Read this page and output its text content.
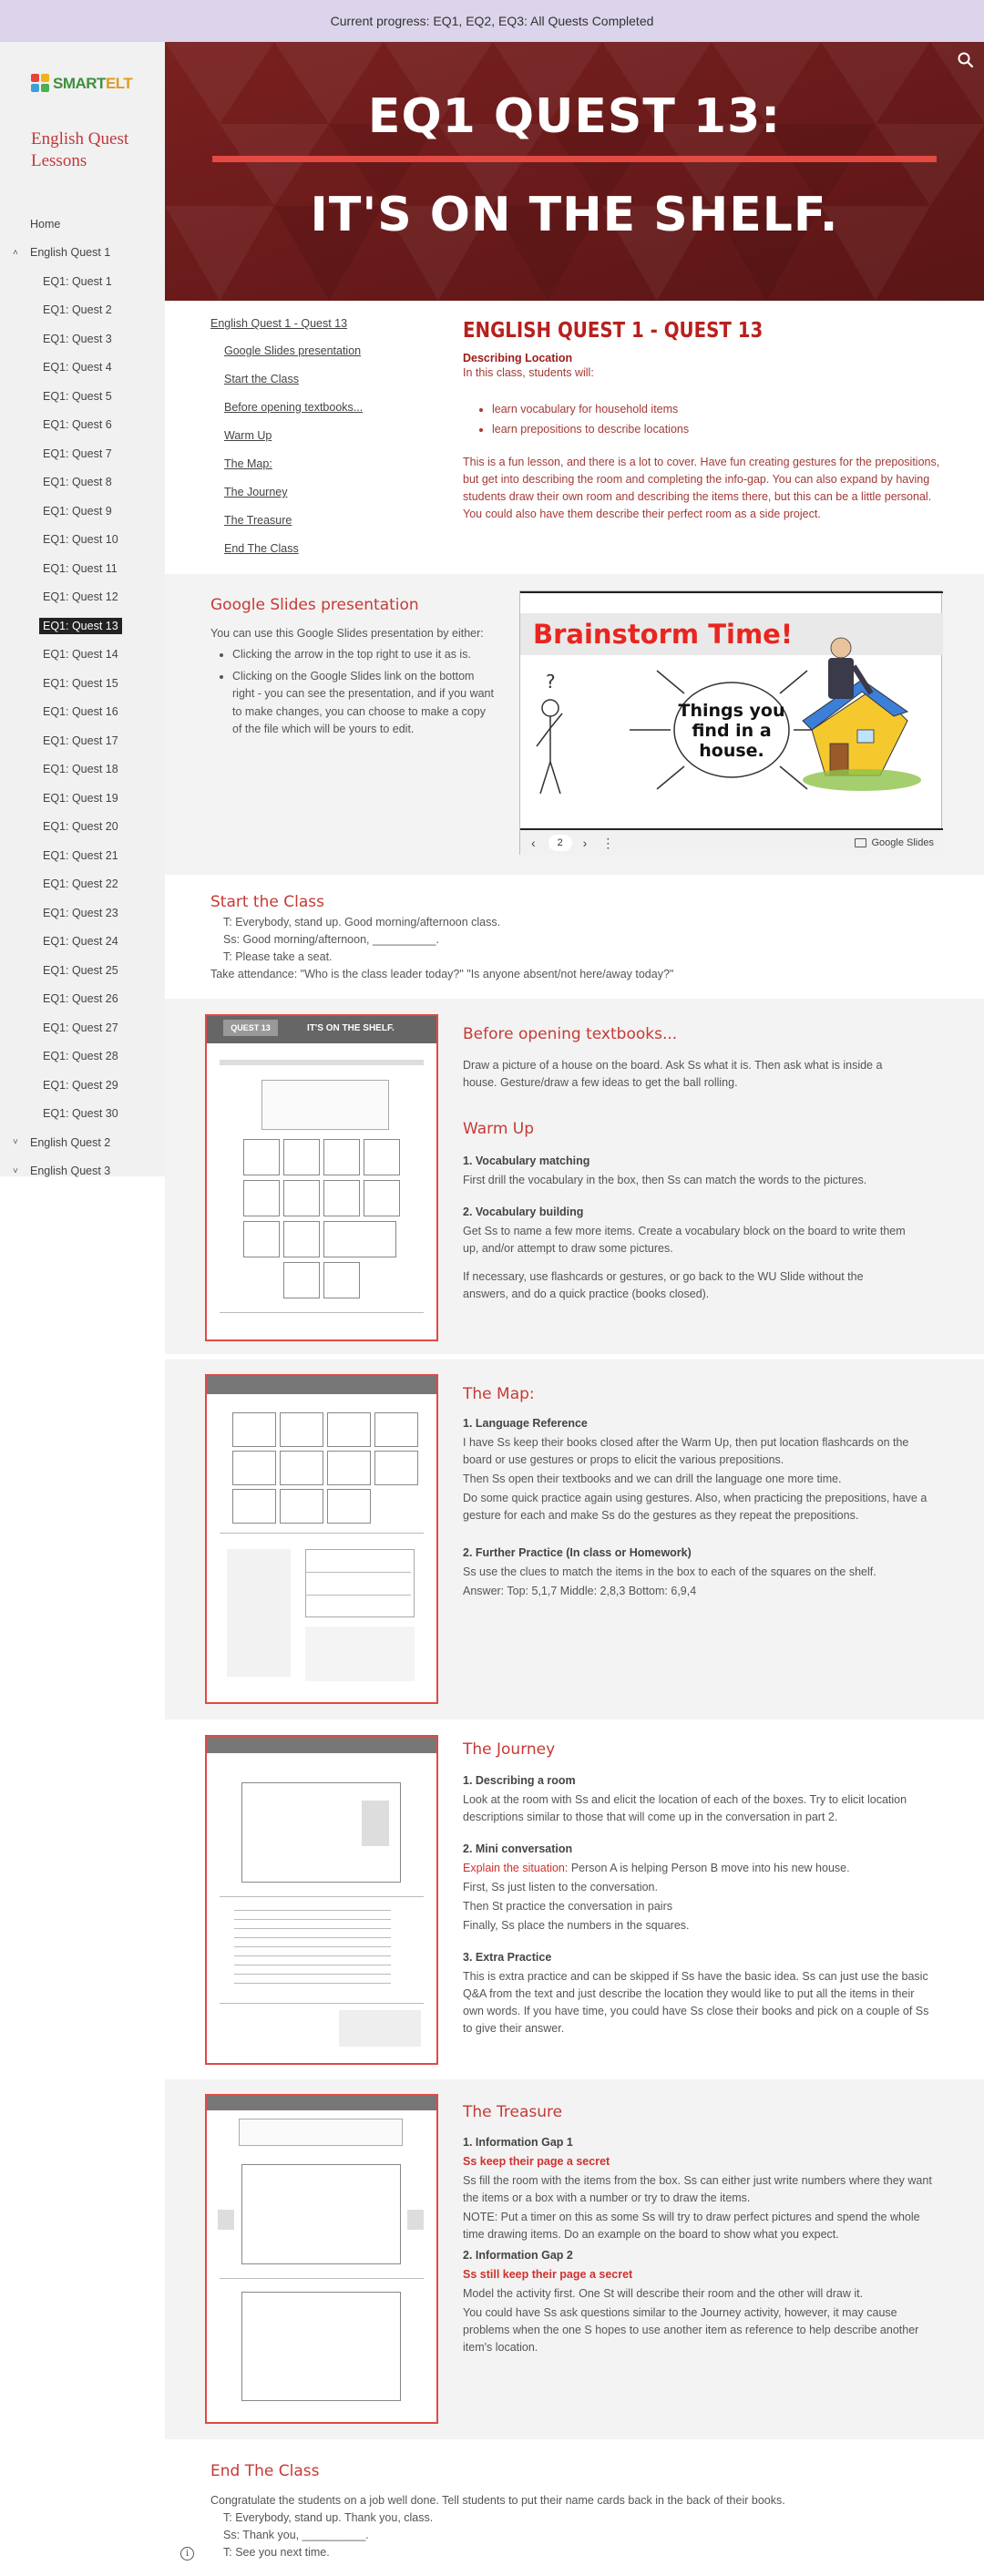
Current progress: EQ1, EQ2, EQ3: All Quests Completed
SMARTELT
English Quest Lessons
Home
˄	English Quest 1
EQ1: Quest 1
EQ1: Quest 2
EQ1: Quest 3
EQ1: Quest 4
EQ1: Quest 5
EQ1: Quest 6
EQ1: Quest 7
EQ1: Quest 8
EQ1: Quest 9
EQ1: Quest 10
EQ1: Quest 11
EQ1: Quest 12
EQ1: Quest 13
EQ1: Quest 14
EQ1: Quest 15
EQ1: Quest 16
EQ1: Quest 17
EQ1: Quest 18
EQ1: Quest 19
EQ1: Quest 20
EQ1: Quest 21
EQ1: Quest 22
EQ1: Quest 23
EQ1: Quest 24
EQ1: Quest 25
EQ1: Quest 26
EQ1: Quest 27
EQ1: Quest 28
EQ1: Quest 29
EQ1: Quest 30
˅	English Quest 2
˅	English Quest 3
EQ1 QUEST 13:
IT'S ON THE SHELF.
English Quest 1 - Quest 13
Google Slides presentation
Start the Class
Before opening textbooks...
Warm Up
The Map:
The Journey
The Treasure
End The Class
ENGLISH QUEST 1 - QUEST 13
Describing Location
In this class, students will:
• learn vocabulary for household items
• learn prepositions to describe locations
This is a fun lesson, and there is a lot to cover. Have fun creating gestures for the prepositions, but get into describing the room and completing the info-gap. You can also expand by having students draw their own room and describing the items there, but this can be a little personal. You could also have them describe their perfect room as a side project.
Google Slides presentation
You can use this Google Slides presentation by either:
• Clicking the arrow in the top right to use it as is.
• Clicking on the Google Slides link on the bottom right - you can see the presentation, and if you want to make changes, you can choose to make a copy of the file which will be yours to edit.
Brainstorm Time!
?
Things you find in a house.
‹	2	› ⋮	Google Slides
Start the Class
T: Everybody, stand up. Good morning/afternoon class.
Ss: Good morning/afternoon, __________.
T: Please take a seat.
Take attendance: "Who is the class leader today?" "Is anyone absent/not here/away today?"
QUEST 13	IT'S ON THE SHELF.	Before opening textbooks...
Draw a picture of a house on the board. Ask Ss what it is. Then ask what is inside a house. Gesture/draw a few ideas to get the ball rolling.
Warm Up

1. Vocabulary matching

First drill the vocabulary in the box, then Ss can match the words to the pictures.

2. Vocabulary building

Get Ss to name a few more items. Create a vocabulary block on the board to write them up, and/or attempt to draw some pictures.

If necessary, use flashcards or gestures, or go back to the WU Slide without the answers, and do a quick practice (books closed).

The Map:

1. Language Reference

I have Ss keep their books closed after the Warm Up, then put location flashcards on the board or use gestures or props to elicit the various prepositions.

Then Ss open their textbooks and we can drill the language one more time.

Do some quick practice again using gestures. Also, when practicing the prepositions, have a gesture for each and make Ss do the gestures as they repeat the prepositions.

2. Further Practice (In class or Homework)

Ss use the clues to match the items in the box to each of the squares on the shelf.

Answer: Top: 5,1,7 Middle: 2,8,3 Bottom: 6,9,4

The Journey

1. Describing a room

Look at the room with Ss and elicit the location of each of the boxes. Try to elicit location descriptions similar to those that will come up in the conversation in part 2.

2. Mini conversation

Explain the situation: Person A is helping Person B move into his new house.

First, Ss just listen to the conversation.

Then St practice the conversation in pairs

Finally, Ss place the numbers in the squares.

3. Extra Practice

This is extra practice and can be skipped if Ss have the basic idea. Ss can just use the basic Q&A from the text and just describe the location they would like to put all the items in their own words. If you have time, you could have Ss close their books and pick on a couple of Ss to give their answer.

The Treasure

1. Information Gap 1

Ss keep their page a secret

Ss fill the room with the items from the box. Ss can either just write numbers where they want the items or a box with a number or try to draw the items.

NOTE: Put a timer on this as some Ss will try to draw perfect pictures and spend the whole time drawing items. Do an example on the board to show what you expect.

2. Information Gap 2

Ss still keep their page a secret

Model the activity first. One St will describe their room and the other will draw it.

You could have Ss ask questions similar to the Journey activity, however, it may cause problems when the one S hopes to use another item as reference to help describe another item's location.

End The Class
Congratulate the students on a job well done. Tell students to put their name cards back in the back of their books.
T: Everybody, stand up. Thank you, class.
Ss: Thank you, __________.
T: See you next time.
i
